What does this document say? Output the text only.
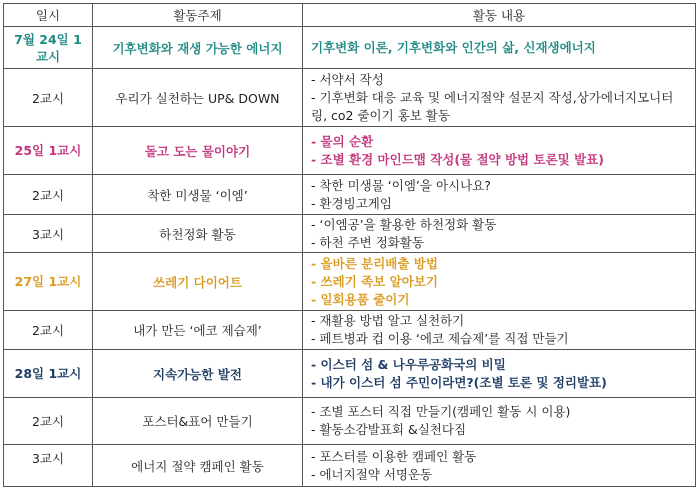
일시	활동주제	활동 내용
7월 24일 1교시	기후변화와 재생 가능한 에너지	기후변화 이론, 기후변화와 인간의 삶, 신재생에너지

2교시	우리가 실천하는 UP& DOWN	- 서약서 작성
- 기후변화 대응 교육 및 에너지절약 설문지 작성,상가에너지모니터링, co2 줄이기 홍보 활동

25일 1교시	돌고 도는 물이야기	- 물의 순환
- 조별 환경 마인드맵 작성(물 절약 방법 토론및 발표)

2교시	착한 미생물 ‘이엠’	- 착한 미생물 ‘이엠’을 아시나요?
- 환경빙고게임

3교시	하천정화 활동	- ‘이엠공’을 활용한 하천정화 활동
- 하천 주변 정화활동

27일 1교시	쓰레기 다이어트	- 올바른 분리배출 방법
- 쓰레기 족보 알아보기
- 일회용품 줄이기

2교시	내가 만든 ‘에코 제습제’	- 재활용 방법 알고 실천하기
- 페트병과 컵 이용 ‘에코 제습제’를 직접 만들기

28일 1교시	지속가능한 발전	- 이스터 섬 & 나우루공화국의 비밀
- 내가 이스터 섬 주민이라면?(조별 토론 및 정리발표)

2교시	포스터&표어 만들기	- 조별 포스터 직접 만들기(캠페인 활동 시 이용)
- 활동소감발표회 &실천다짐

3교시	에너지 절약 캠페인 활동	- 포스터를 이용한 캠페인 활동
- 에너지절약 서명운동
